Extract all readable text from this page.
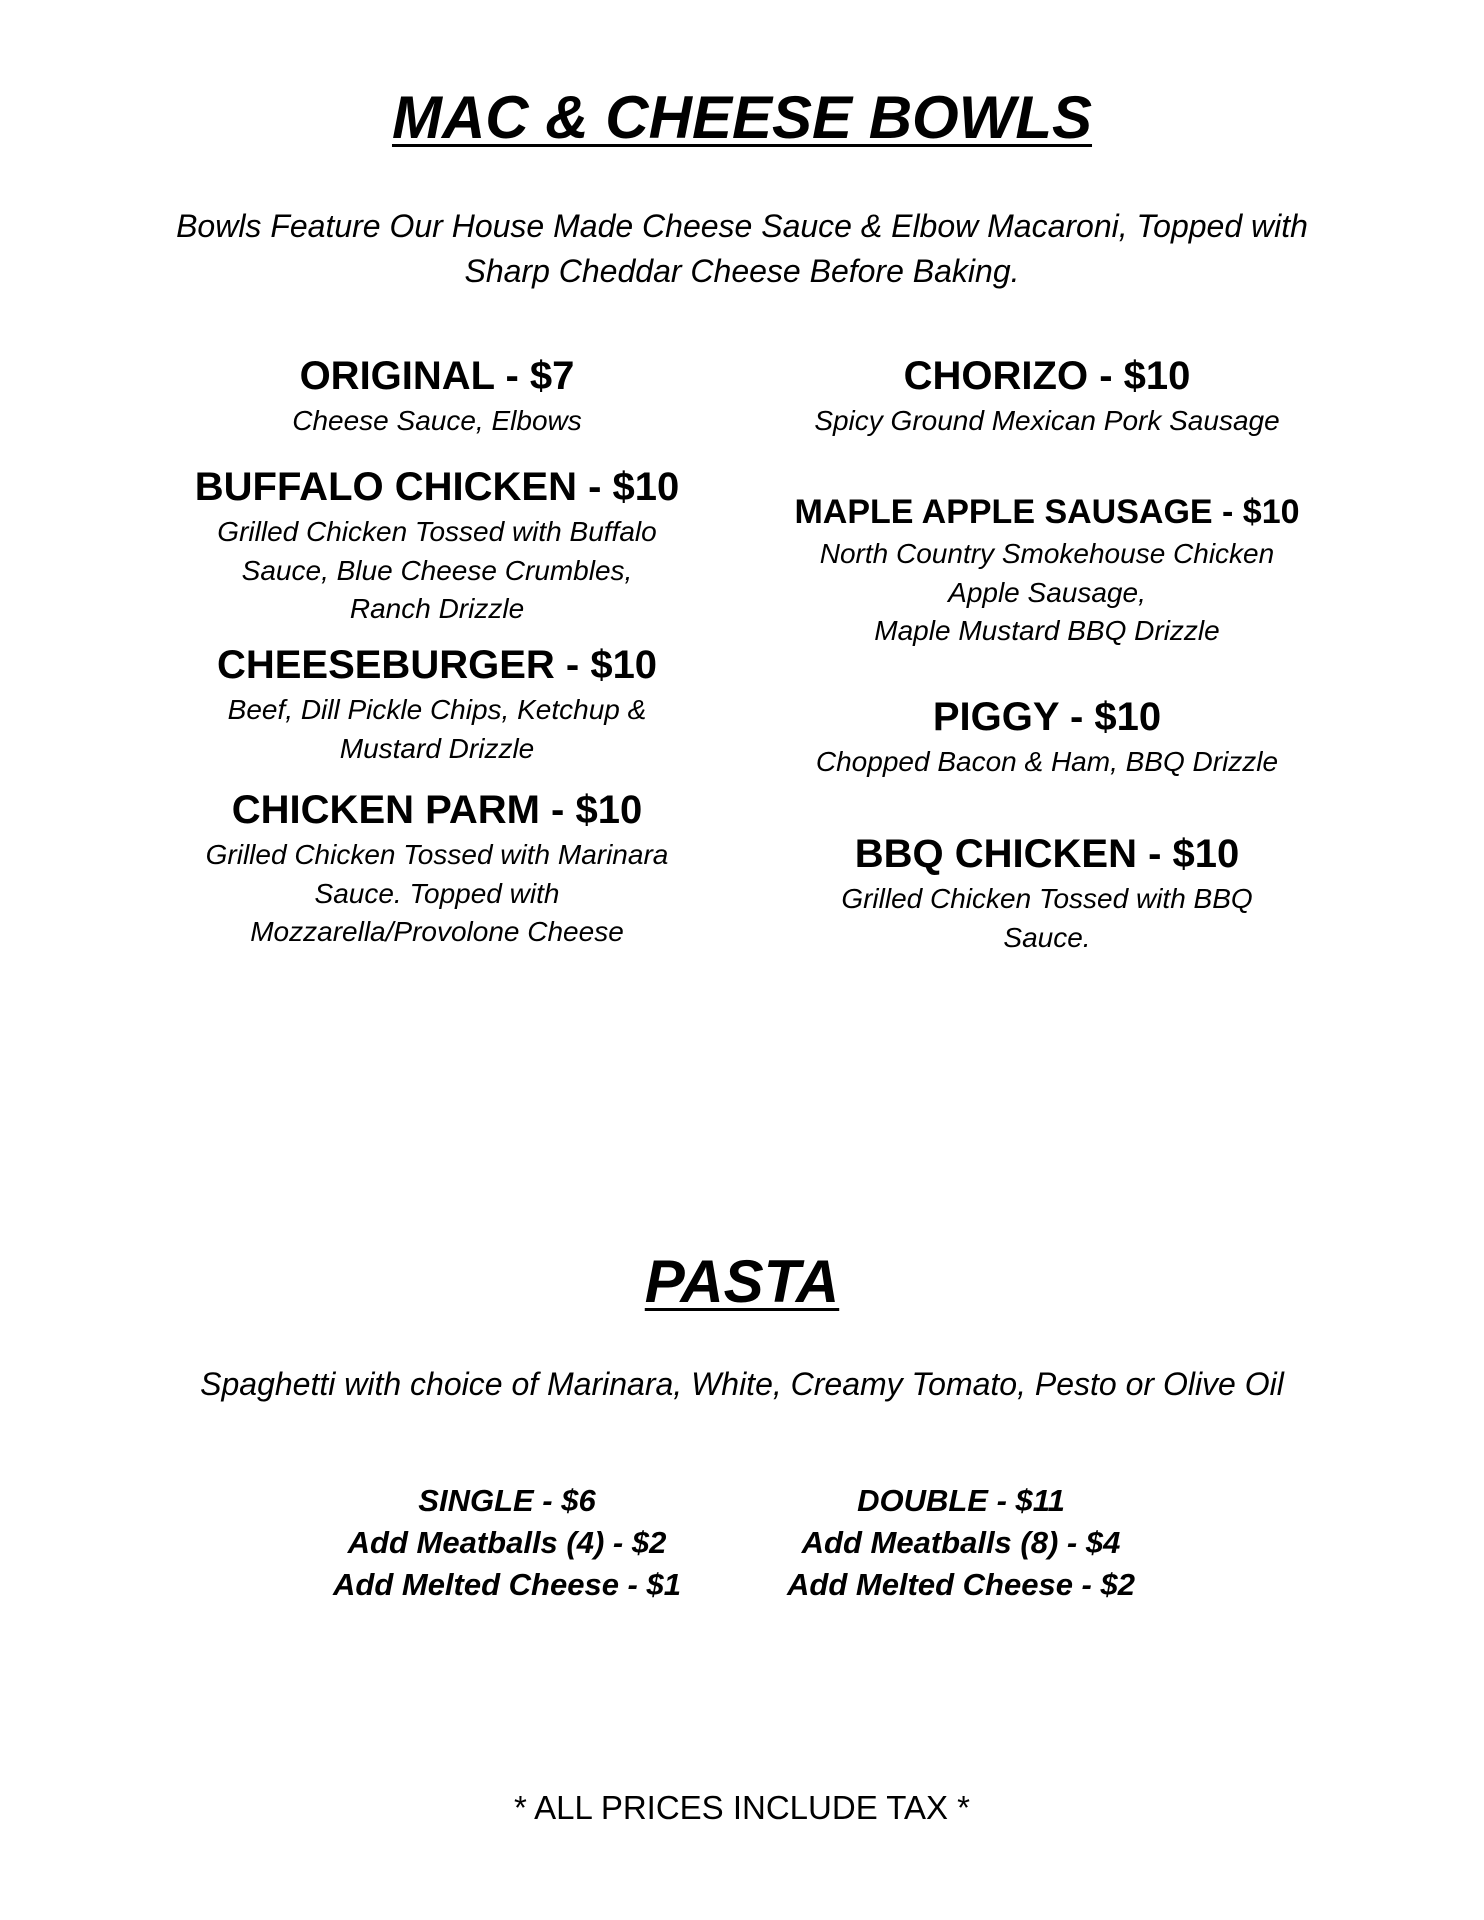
MAC & CHEESE BOWLS

Bowls Feature Our House Made Cheese Sauce & Elbow Macaroni, Topped with Sharp Cheddar Cheese Before Baking.

ORIGINAL - $7
Cheese Sauce, Elbows
BUFFALO CHICKEN - $10
Grilled Chicken Tossed with Buffalo
Sauce, Blue Cheese Crumbles,
Ranch Drizzle
CHEESEBURGER - $10
Beef, Dill Pickle Chips, Ketchup &
Mustard Drizzle
CHICKEN PARM - $10
Grilled Chicken Tossed with Marinara
Sauce. Topped with
Mozzarella/Provolone Cheese
CHORIZO - $10
Spicy Ground Mexican Pork Sausage
MAPLE APPLE SAUSAGE - $10
North Country Smokehouse Chicken
Apple Sausage,
Maple Mustard BBQ Drizzle
PIGGY - $10
Chopped Bacon & Ham, BBQ Drizzle
BBQ CHICKEN - $10
Grilled Chicken Tossed with BBQ
Sauce.
PASTA

Spaghetti with choice of Marinara, White, Creamy Tomato, Pesto or Olive Oil

SINGLE - $6
Add Meatballs (4) - $2
Add Melted Cheese - $1
DOUBLE - $11
Add Meatballs (8) - $4
Add Melted Cheese - $2

* ALL PRICES INCLUDE TAX *
